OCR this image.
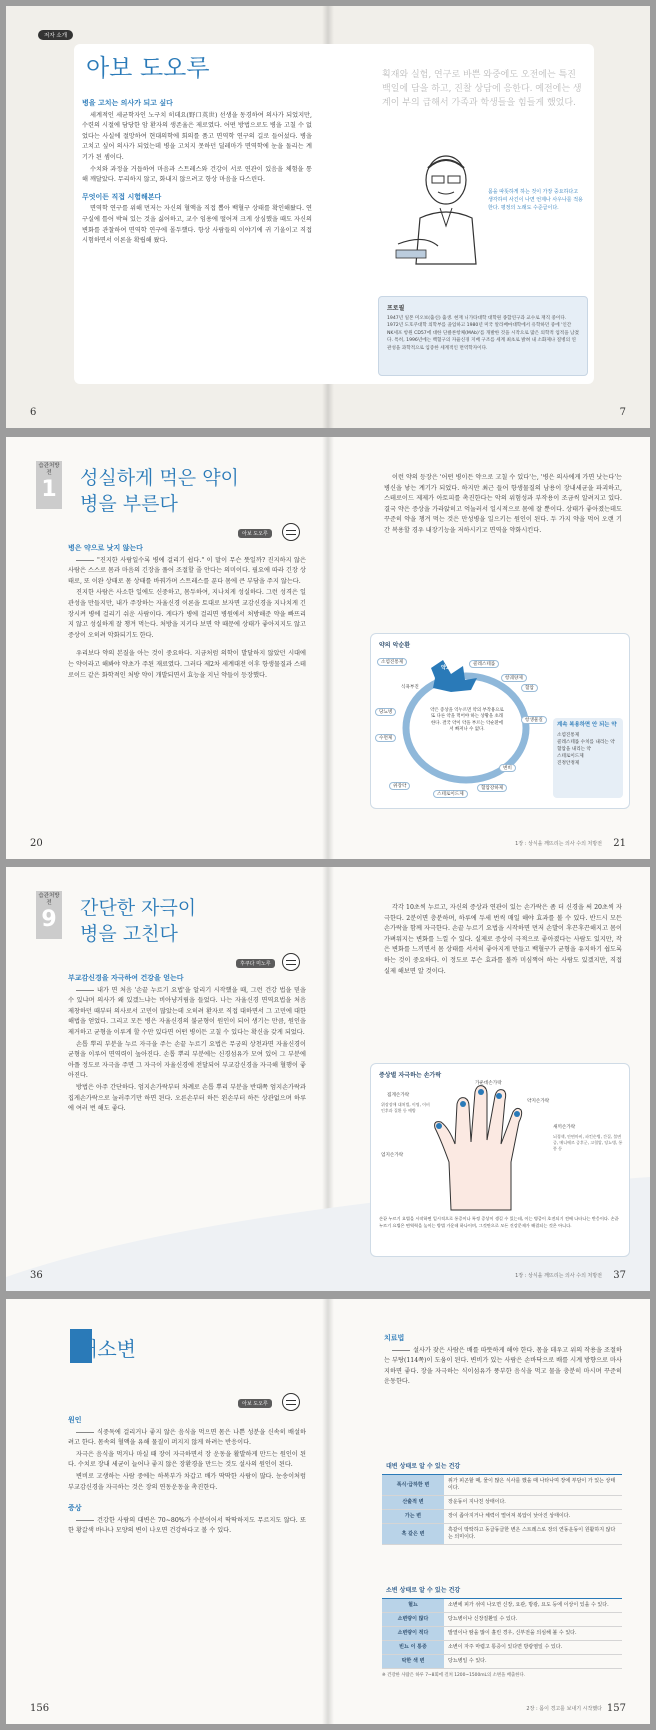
저자 소개
아보 도오루
병을 고치는 의사가 되고 싶다

세계적인 세균학자인 노구치 히데요(野口英世) 선생을 동경하여 의사가 되었지만, 수련의 시절에 담당한 암 환자의 생존율은 제로였다. 어떤 방법으로도 병을 고칠 수 없었다는 사실에 절망하여 현대의학에 회의를 품고 면역학 연구의 길로 들어섰다. 병을 고치고 싶어 의사가 되었는데 병을 고치지 못하던 딜레마가 면역학에 눈을 돌리는 계기가 된 셈이다.

수치와 과정을 거듭하여 마음과 스트레스와 건강이 서로 연관이 있음을 체험을 통해 깨달았다. 무리하지 않고, 화내지 않으려고 항상 마음을 다스린다.

무엇이든 직접 시험해본다

면역학 연구를 위해 먼저는 자신의 혈액을 직접 뽑아 백혈구 상태를 확인해왔다. 연구실에 틀어 박혀 있는 것을 싫어하고, 교수 임용에 떨어져 크게 상심했을 때도 자신의 변화를 관찰하여 면역학 연구에 몰두했다. 항상 사람들의 이야기에 귀 기울이고 직접 시험하면서 이론을 확립해 왔다.

획재와 실험, 연구로 바쁜 와중에도 오전에는 특진 백일에 담을 하고, 진찰 상담에 응한다. 예전에는 생계이 부의 급해서 가족과 학생들을 힘들게 했었다.
몸을 따뜻하게 하는 것이 가장 중요하다고 생각하여 사긴이 나면 언제나 사우나를 적용한다. 평정의 노래도 수준급이다.
프로필
1947년 일본 미오보(출신) 출생. 현재 니가타대학 대학원 종합연구과 교수로 재직 중이다. 1972년 도호쿠대학 의학부를 졸업하고 1980년 미국 알라배마대학에서 유학하던 중에 '인간 NK세포 항원 CD57에 대한 단클론항체(MAb)'를 개발한 것을 시작으로 많은 의학적 업적을 남겼다. 특히, 1996년에는 백혈구의 자율신경 지배 구조를 세계 최초로 밝혀 내 소화제나 질병의 연관성을 과학적으로 입증한 세계적인 면역학자이다.
6	7
습관처방전
1 성실하게 먹은 약이
병을 부른다
아보 도오루
병은 약으로 낫지 않는다

"진지한 사람일수록 병에 걸리기 쉽다." 이 말이 무슨 뜻일까? 진지하지 않은 사람은 스스로 몸과 마음의 긴장을 풀어 조절할 줄 안다는 의미이다. 필요에 따라 긴장 상태로, 또 이완 상태로 몸 상태를 바꿔가며 스트레스를 푼다 몸에 큰 부담을 주지 않는다.

진지한 사람은 사소한 일에도 신중하고, 몸두하여, 지나치게 성실하다. 그런 성격은 일관성을 만들지만, 내가 주장하는 자율신경 이론을 토대로 보자면 교감신경을 지나치게 긴장시켜 병에 걸리기 쉬운 사람이다. 게다가 병에 걸리면 병원에서 처방해준 약을 빠뜨리지 않고 성실하게 잘 챙겨 먹는다. 처방을 지키다 보면 약 때문에 상태가 좋아지지도 않고 증상이 오히려 악화되기도 한다.

우리보다 약의 본질을 아는 것이 중요하다. 지금처럼 의학이 발달하지 않았던 시대에는 약이라고 해봐야 약초가 주된 재료였다. 그러다 제2차 세계대전 이후 항생물질과 스테로이드 같은 화학적인 처방 약이 개발되면서 효능을 지닌 약들이 등장했다.

이런 약의 등장은 '어떤 병이든 약으로 고칠 수 있다'는, '병은 의사에게 가면 낫는다'는 병신을 낳는 계기가 되었다. 하지만 최근 들어 항생물질의 남용이 장내세균을 파괴하고, 스테로이드 제제가 아토피를 촉진한다는 악의 위험성과 부작용이 조금씩 알려지고 있다. 결국 약은 증상을 가라앉히고 억눌러서 일시적으로 몸에 잘 뿐이다. 상태가 좋아졌는데도 꾸준히 약을 챙겨 먹는 것은 만성병을 일으키는 원인이 된다. 두 가지 약을 먹어 오랜 기간 복용할 경우 내장기능을 저하시키고 면역을 약화시킨다.

약의 악순환
약은 증상을 억누르면 약의 부작용으로 또 다른 약을 먹어야 하는 상황을 초래한다. 결국 약이 약을 부르는 악순환에서 빠져나 수 없다.
약효
소염진통제	콜레스테롤
혈압
수면제
항생물질
항궤양제
혈압강하제
변비
위장약
당뇨병
스테로이드제
식욕부진
계속 복용하면 안 되는 약
소염진통제
콜레스테롤 수치를 내리는 약
혈압을 내리는 약
스테로이드제
진정안정제
20	1장 : 상식을 깨뜨리는 의사 수의 처방전 21
습관처방전
9 간단한 자극이
병을 고친다
후쿠다 미노루
부교감신경을 자극하여 건강을 얻는다

내가 면 처음 '손끝 누르기 요법'을 알리기 시작했을 때, 그런 건강 법을 믿을 수 있냐며 의사가 왜 있겠느냐는 비아냥거림을 들었다. 나는 자율신경 면역요법을 처음 제창하던 때부터 의사로서 고민이 많았는데 오히려 환자로 직접 대하면서 그 고민에 대한 해법을 얻었다. 그리고 모든 병은 자율신경의 불균형이 원인이 되어 생기는 만큼, 원인을 제거하고 균형을 이루게 할 수만 있다면 어떤 병이든 고칠 수 있다는 확신을 갖게 되었다.

손톱 뿌리 부분을 누르 자극을 주는 손끝 누르기 요법은 무궁의 상천과면 자율신경이 균형을 이루어 면역력이 높아진다. 손톱 뿌리 부분에는 신경섬유가 모여 있어 그 부분에 아플 정도로 자극을 주면 그 자극이 자율신경에 전달되어 부교감신경을 자극해 혈행이 좋아진다.

방법은 아주 간단하다. 엄지손가락부터 차례로 손톱 뿌리 부분을 반대쪽 엄지손가락과 집게손가락으로 눌러주기만 하면 된다. 오른손부터 하든 왼손부터 하든 상관없으며 하루에 여러 번 해도 좋다.

각각 10초씩 누르고, 자신의 증상과 연관이 있는 손가락은 좀 더 신경을 써 20초씩 자극한다. 2분이면 충분하며, 하루에 두세 번씩 매일 해야 효과를 볼 수 있다. 반드시 모든 손가락을 함께 자극한다. 손끝 누르기 요법을 시작하면 먼저 손발이 후끈후끈해지고 몸이 가벼워지는 변화를 느낄 수 있다. 실제로 증상이 극적으로 좋아졌다는 사람도 있지만, 작은 변화를 느끼면서 몸 상태를 서서히 좋아지게 만들고 백혈구가 균형을 유지하기 쉽도록 하는 것이 중요하다. 이 정도로 무슨 효과를 볼까 미심쩍어 하는 사람도 있겠지만, 직접 실제 해보면 알 것이다.

증상별 자극하는 손가락
가운데손가락
약지손가락
집게손가락
엄지손가락
새끼손가락
위장장애 대처법, 이명, 이비인후과 질환 등 예방
뇌경색, 안면마비, 파킨슨병, 간질, 불면증, 메니에르 증후군, 고혈압, 당뇨병, 통풍 등
손끝 누르기 요법을 시작하면 일시적으로 통증이나 특정 증상이 생길 수 있는데, 이는 병증이 호전되기 전에 나타나는 반응이다. 손끝 누르기 요법은 면역력을 높이는 방법 가운데 하나이며, 그것만으로 모든 건강문제가 해결되는 것은 아니다.
36	1장 : 상식을 깨뜨리는 의사 수의 처방전 37
대소변
아보 도오루
원인

식중독에 걸리거나 좋지 않은 음식을 먹으면 몸은 나쁜 성분을 신속히 배설하려고 한다. 몸속의 혈액을 유해 물질이 퍼지지 않게 하려는 반응이다.

자극은 음식을 먹거나 마실 때 장이 자극하면서 장 운동을 활발하게 만드는 원인이 된다. 수치로 장내 세균이 늘어나 좋지 않은 장환경을 만드는 것도 설사의 원인이 된다.

변비로 고생하는 사람 중에는 하복부가 차갑고 배가 딱딱한 사람이 많다. 눈송이처럼 부교감신경을 자극하는 것은 장의 연동운동을 촉진한다.

증상

건강한 사람의 대변은 70~80%가 수분이어서 딱딱하지도 무르지도 않다. 또한 황갈색 바나나 모양의 변이 나오면 건강하다고 볼 수 있다.

치료법

설사가 잦은 사람은 배를 따뜻하게 해야 한다. 몸을 데우고 위의 작용을 조절하는 부탕(114쪽)이 도움이 된다. 변비가 있는 사람은 손바닥으로 배를 시계 방향으로 마사지하면 좋다. 장을 자극하는 식이섬유가 풍부한 음식을 먹고 물을 충분히 마시며 꾸준히 운동한다.

대변 상태로 알 수 있는 건강
폭식·급하한 변	위가 피곤할 때, 물이 많은 식사를 했을 때 나타나며 장에 부담이 가 있는 상태이다.
산출적 변	장운동이 지나친 상태이다.
가는 변	장이 좁아지거나 체력이 떨어져 복압이 낮아진 상태이다.
흑 같은 변	흑같이 딱딱하고 동글동글한 변은 스트레스로 장의 연동운동이 원활하지 않다는 의미이다.
소변 상태로 알 수 있는 건강
혈뇨	소변에 피가 섞여 나오면 신장, 요관, 방광, 요도 등에 이상이 있을 수 있다.
소변량이 많다	당뇨병이나 신장질환일 수 있다.
소변량이 적다	발열이나 땀을 많이 흘린 경우, 신부전을 의심해 볼 수 있다.
빈뇨 이 통증	소변이 자주 마렵고 통증이 있다면 방광염일 수 있다.
탁한 색 변	당뇨병일 수 있다.
※ 건강한 사람은 하루 7~8회에 걸쳐 1200~1500mL의 소변을 배출한다.
156	2장 : 몸이 경고를 보내기 시작했다 157
